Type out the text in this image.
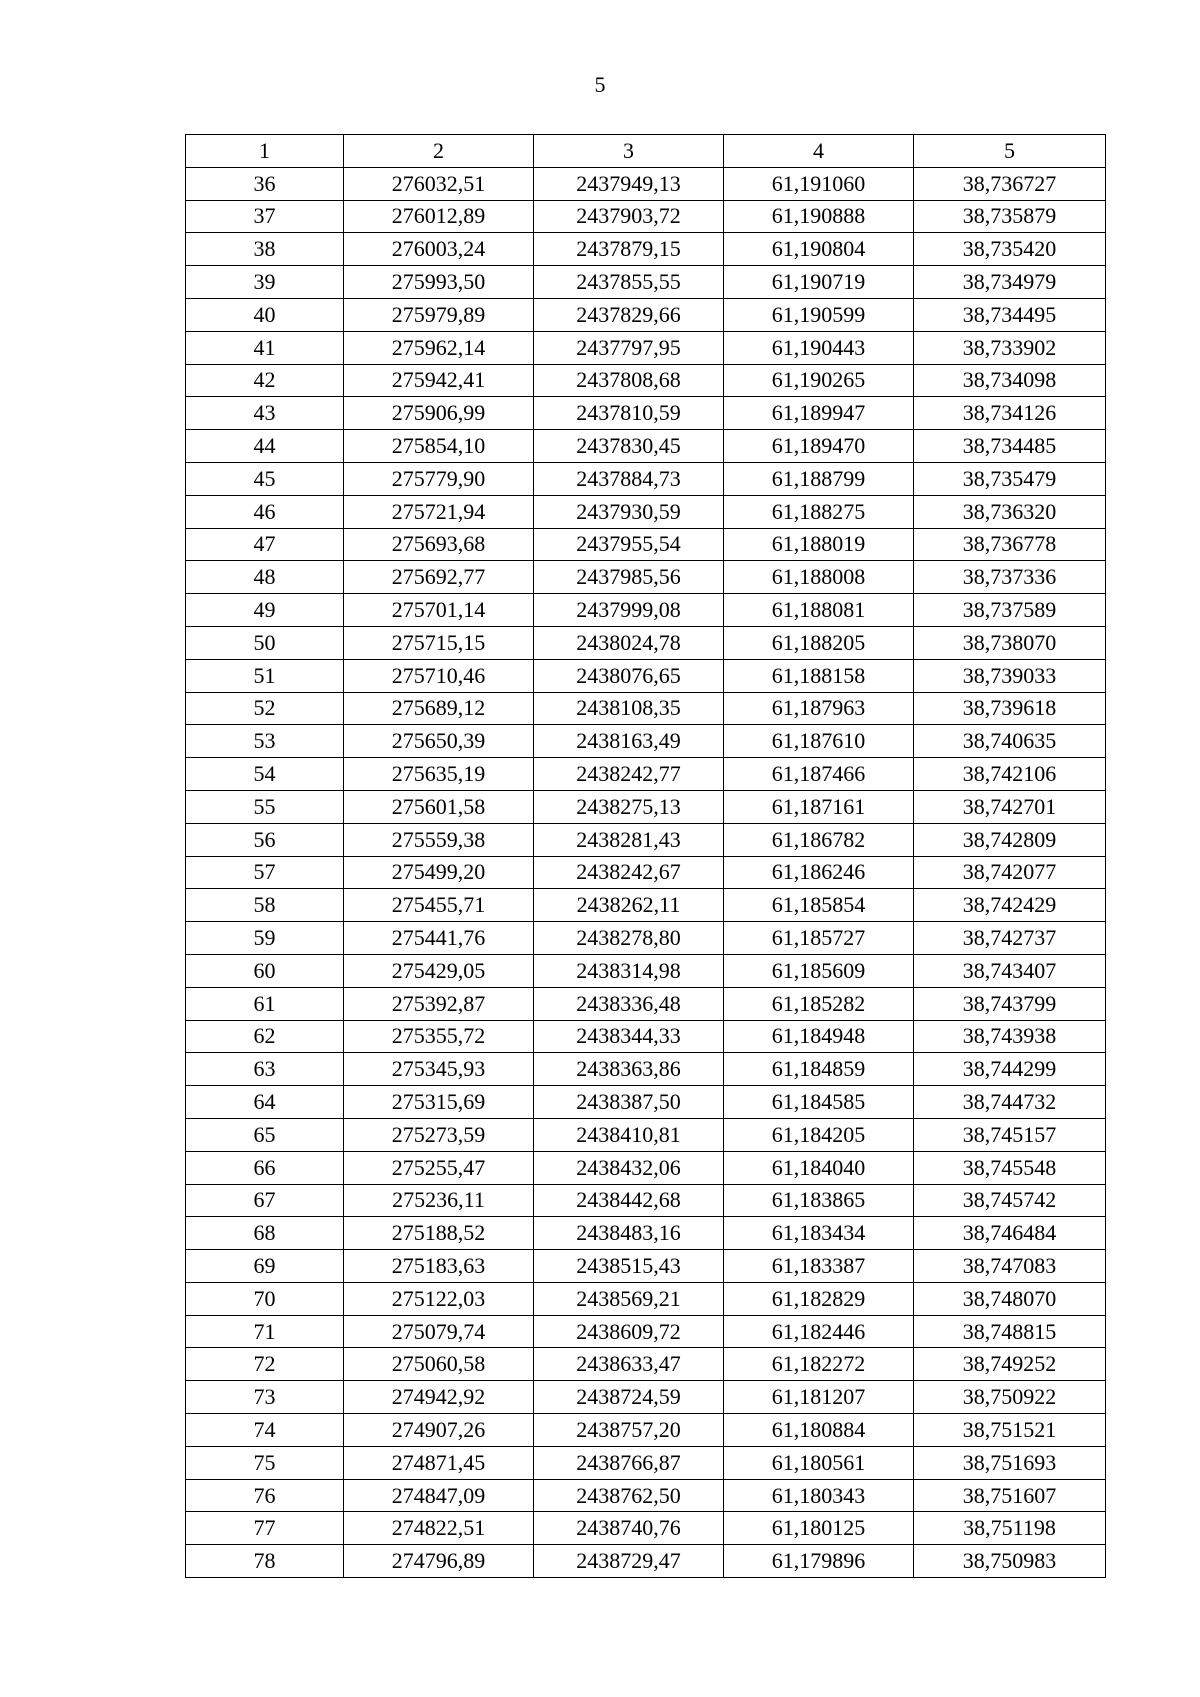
5
1	2	3	4	5
36	276032,51	2437949,13	61,191060	38,736727
37	276012,89	2437903,72	61,190888	38,735879
38	276003,24	2437879,15	61,190804	38,735420
39	275993,50	2437855,55	61,190719	38,734979
40	275979,89	2437829,66	61,190599	38,734495
41	275962,14	2437797,95	61,190443	38,733902
42	275942,41	2437808,68	61,190265	38,734098
43	275906,99	2437810,59	61,189947	38,734126
44	275854,10	2437830,45	61,189470	38,734485
45	275779,90	2437884,73	61,188799	38,735479
46	275721,94	2437930,59	61,188275	38,736320
47	275693,68	2437955,54	61,188019	38,736778
48	275692,77	2437985,56	61,188008	38,737336
49	275701,14	2437999,08	61,188081	38,737589
50	275715,15	2438024,78	61,188205	38,738070
51	275710,46	2438076,65	61,188158	38,739033
52	275689,12	2438108,35	61,187963	38,739618
53	275650,39	2438163,49	61,187610	38,740635
54	275635,19	2438242,77	61,187466	38,742106
55	275601,58	2438275,13	61,187161	38,742701
56	275559,38	2438281,43	61,186782	38,742809
57	275499,20	2438242,67	61,186246	38,742077
58	275455,71	2438262,11	61,185854	38,742429
59	275441,76	2438278,80	61,185727	38,742737
60	275429,05	2438314,98	61,185609	38,743407
61	275392,87	2438336,48	61,185282	38,743799
62	275355,72	2438344,33	61,184948	38,743938
63	275345,93	2438363,86	61,184859	38,744299
64	275315,69	2438387,50	61,184585	38,744732
65	275273,59	2438410,81	61,184205	38,745157
66	275255,47	2438432,06	61,184040	38,745548
67	275236,11	2438442,68	61,183865	38,745742
68	275188,52	2438483,16	61,183434	38,746484
69	275183,63	2438515,43	61,183387	38,747083
70	275122,03	2438569,21	61,182829	38,748070
71	275079,74	2438609,72	61,182446	38,748815
72	275060,58	2438633,47	61,182272	38,749252
73	274942,92	2438724,59	61,181207	38,750922
74	274907,26	2438757,20	61,180884	38,751521
75	274871,45	2438766,87	61,180561	38,751693
76	274847,09	2438762,50	61,180343	38,751607
77	274822,51	2438740,76	61,180125	38,751198
78	274796,89	2438729,47	61,179896	38,750983
